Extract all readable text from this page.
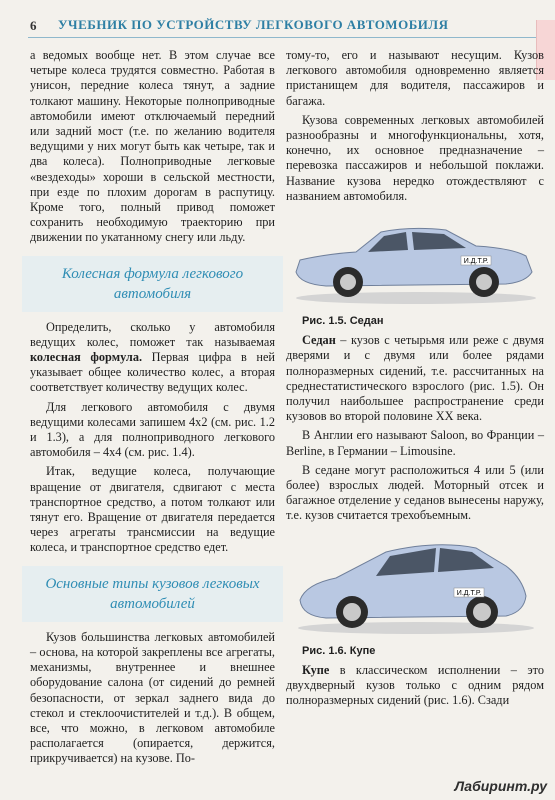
6 УЧЕБНИК ПО УСТРОЙСТВУ ЛЕГКОВОГО АВТОМОБИЛЯ

а ведомых вообще нет. В этом случае все четыре колеса трудятся совместно. Работая в унисон, передние колеса тянут, а задние толкают машину. Некоторые полноприводные автомобили имеют отключаемый передний или задний мост (т.е. по желанию водителя ведущими у них могут быть как четыре, так и два колеса). Полноприводные легковые «вездеходы» хороши в сельской местности, при езде по плохим дорогам в распутицу. Кроме того, полный привод поможет сохранить необходимую траекторию при движении по укатанному снегу или льду.

Колесная формула легкового автомобиля

Определить, сколько у автомобиля ведущих колес, поможет так называемая колесная формула. Первая цифра в ней указывает общее количество колес, а вторая соответствует количеству ведущих колес.

Для легкового автомобиля с двумя ведущими колесами запишем 4х2 (см. рис. 1.2 и 1.3), а для полноприводного легкового автомобиля – 4х4 (см. рис. 1.4).

Итак, ведущие колеса, получающие вращение от двигателя, сдвигают с места транспортное средство, а потом толкают или тянут его. Вращение от двигателя передается через агрегаты трансмиссии на ведущие колеса, и транспортное средство едет.

Основные типы кузовов легковых автомобилей

Кузов большинства легковых автомобилей – основа, на которой закреплены все агрегаты, механизмы, внутреннее и внешнее оборудование салона (от сидений до ремней безопасности, от зеркал заднего вида до стекол и стеклоочистителей и т.д.). В общем, все, что можно, в легковом автомобиле располагается (опирается, держится, прикручивается) на кузове. По-

тому-то, его и называют несущим. Кузов легкового автомобиля одновременно является пристанищем для водителя, пассажиров и багажа.

Кузова современных легковых автомобилей разнообразны и многофункциональны, хотя, конечно, их основное предназначение – перевозка пассажиров и небольшой поклажи. Название кузова нередко отождествляют с названием автомобиля.

И.Д.Т.Р.

Рис. 1.5. Седан

Седан – кузов с четырьмя или реже с двумя дверями и с двумя или более рядами полноразмерных сидений, т.е. рассчитанных на среднестатистического взрослого (рис. 1.5). Он получил наибольшее распространение среди кузовов во второй половине XX века.

В Англии его называют Saloon, во Франции – Berline, в Германии – Limousine.

В седане могут расположиться 4 или 5 (или более) взрослых людей. Моторный отсек и багажное отделение у седанов вынесены наружу, т.е. кузов считается трехобъемным.

И.Д.Т.Р.

Рис. 1.6. Купе

Купе в классическом исполнении – это двухдверный кузов только с одним рядом полноразмерных сидений (рис. 1.6). Сзади

Лабиринт.ру
